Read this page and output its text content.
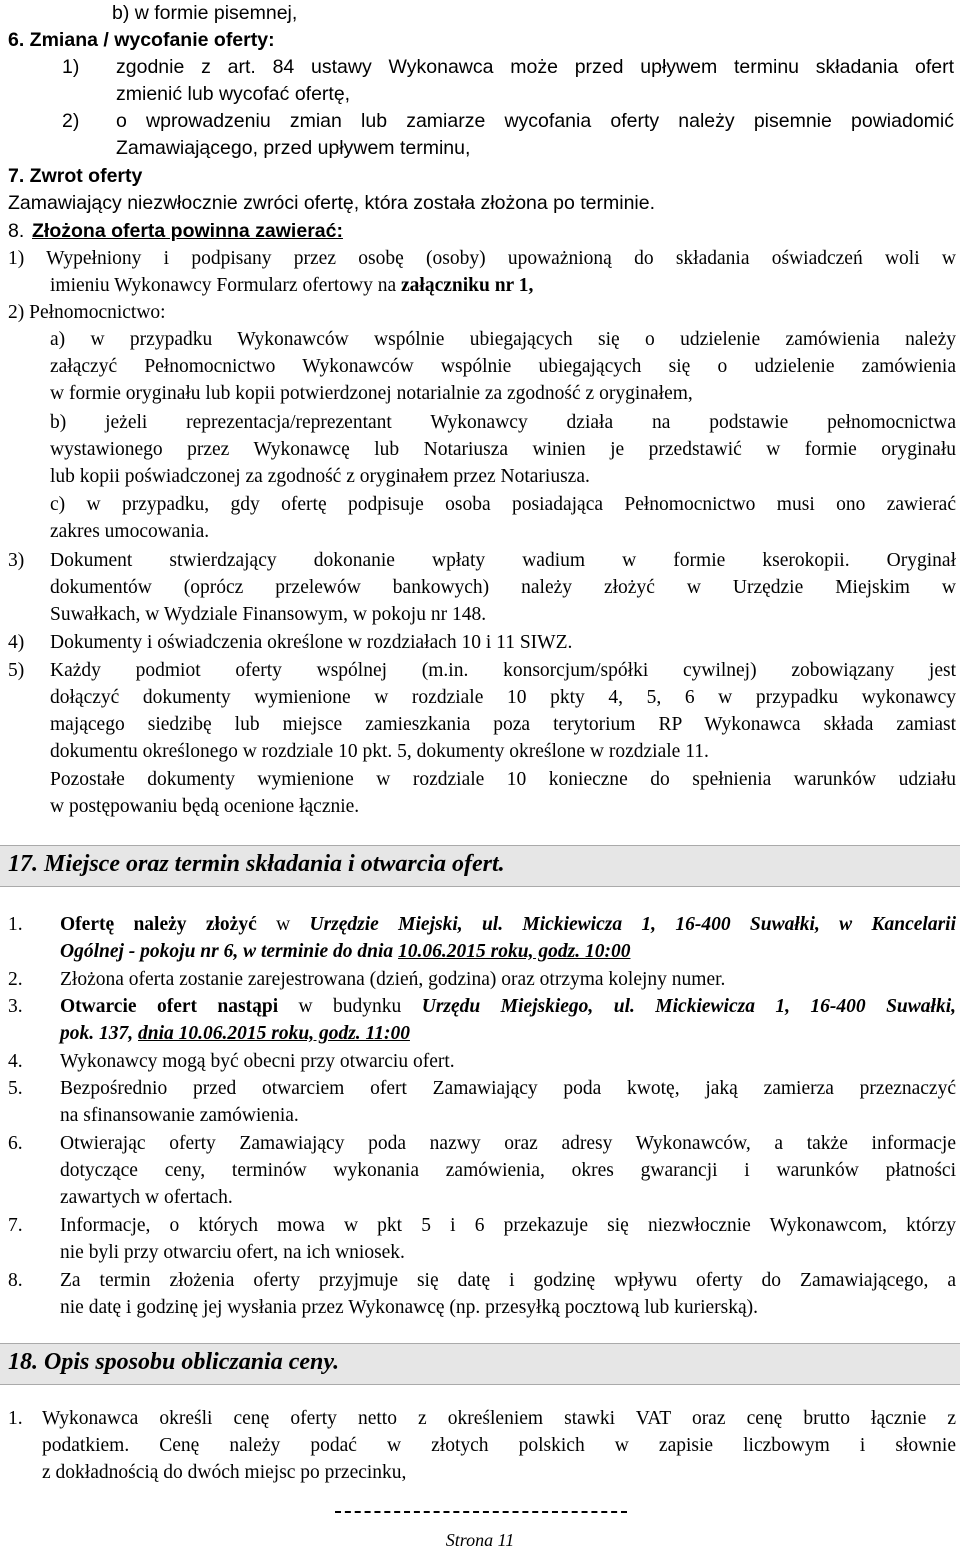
b) w formie pisemnej,
6. Zmiana / wycofanie oferty:
1) zgodnie z art. 84 ustawy Wykonawca może przed upływem terminu składania ofert
zmienić lub wycofać ofertę,
2) o wprowadzeniu zmian lub zamiarze wycofania oferty należy pisemnie powiadomić
Zamawiającego, przed upływem terminu,
7. Zwrot oferty
Zamawiający niezwłocznie zwróci ofertę, która została złożona po terminie.
8. Złożona oferta powinna zawierać:
1) Wypełniony i podpisany przez osobę (osoby) upoważnioną do składania oświadczeń woli w
imieniu Wykonawcy Formularz ofertowy na załączniku nr 1,
2) Pełnomocnictwo:
a) w przypadku Wykonawców wspólnie ubiegających się o udzielenie zamówienia należy
załączyć Pełnomocnictwo Wykonawców wspólnie ubiegających się o udzielenie zamówienia
w formie oryginału lub kopii potwierdzonej notarialnie za zgodność z oryginałem,
b) jeżeli reprezentacja/reprezentant Wykonawcy działa na podstawie pełnomocnictwa
wystawionego przez Wykonawcę lub Notariusza winien je przedstawić w formie oryginału
lub kopii poświadczonej za zgodność z oryginałem przez Notariusza.
c) w przypadku, gdy ofertę podpisuje osoba posiadająca Pełnomocnictwo musi ono zawierać
zakres umocowania.
3) Dokument stwierdzający dokonanie wpłaty wadium w formie kserokopii. Oryginał
dokumentów (oprócz przelewów bankowych) należy złożyć w Urzędzie Miejskim w
Suwałkach, w Wydziale Finansowym, w pokoju nr 148.
4) Dokumenty i oświadczenia określone w rozdziałach 10 i 11 SIWZ.
5) Każdy podmiot oferty wspólnej (m.in. konsorcjum/spółki cywilnej) zobowiązany jest
dołączyć dokumenty wymienione w rozdziale 10 pkty 4, 5, 6 w przypadku wykonawcy
mającego siedzibę lub miejsce zamieszkania poza terytorium RP Wykonawca składa zamiast
dokumentu określonego w rozdziale 10 pkt. 5, dokumenty określone w rozdziale 11.
Pozostałe dokumenty wymienione w rozdziale 10 konieczne do spełnienia warunków udziału
w postępowaniu będą ocenione łącznie.
17. Miejsce oraz termin składania i otwarcia ofert.
1. Ofertę należy złożyć w Urzędzie Miejski, ul. Mickiewicza 1, 16-400 Suwałki, w Kancelarii
Ogólnej - pokoju nr 6, w terminie do dnia 10.06.2015 roku, godz. 10:00
2. Złożona oferta zostanie zarejestrowana (dzień, godzina) oraz otrzyma kolejny numer.
3. Otwarcie ofert nastąpi w budynku Urzędu Miejskiego, ul. Mickiewicza 1, 16-400 Suwałki,
pok. 137, dnia 10.06.2015 roku, godz. 11:00
4. Wykonawcy mogą być obecni przy otwarciu ofert.
5. Bezpośrednio przed otwarciem ofert Zamawiający poda kwotę, jaką zamierza przeznaczyć
na sfinansowanie zamówienia.
6. Otwierając oferty Zamawiający poda nazwy oraz adresy Wykonawców, a także informacje
dotyczące ceny, terminów wykonania zamówienia, okres gwarancji i warunków płatności
zawartych w ofertach.
7. Informacje, o których mowa w pkt 5 i 6 przekazuje się niezwłocznie Wykonawcom, którzy
nie byli przy otwarciu ofert, na ich wniosek.
8. Za termin złożenia oferty przyjmuje się datę i godzinę wpływu oferty do Zamawiającego, a
nie datę i godzinę jej wysłania przez Wykonawcę (np. przesyłką pocztową lub kurierską).
18. Opis sposobu obliczania ceny.
1. Wykonawca określi cenę oferty netto z określeniem stawki VAT oraz cenę brutto łącznie z
podatkiem. Cenę należy podać w złotych polskich w zapisie liczbowym i słownie
z dokładnością do dwóch miejsc po przecinku,
Strona 11
